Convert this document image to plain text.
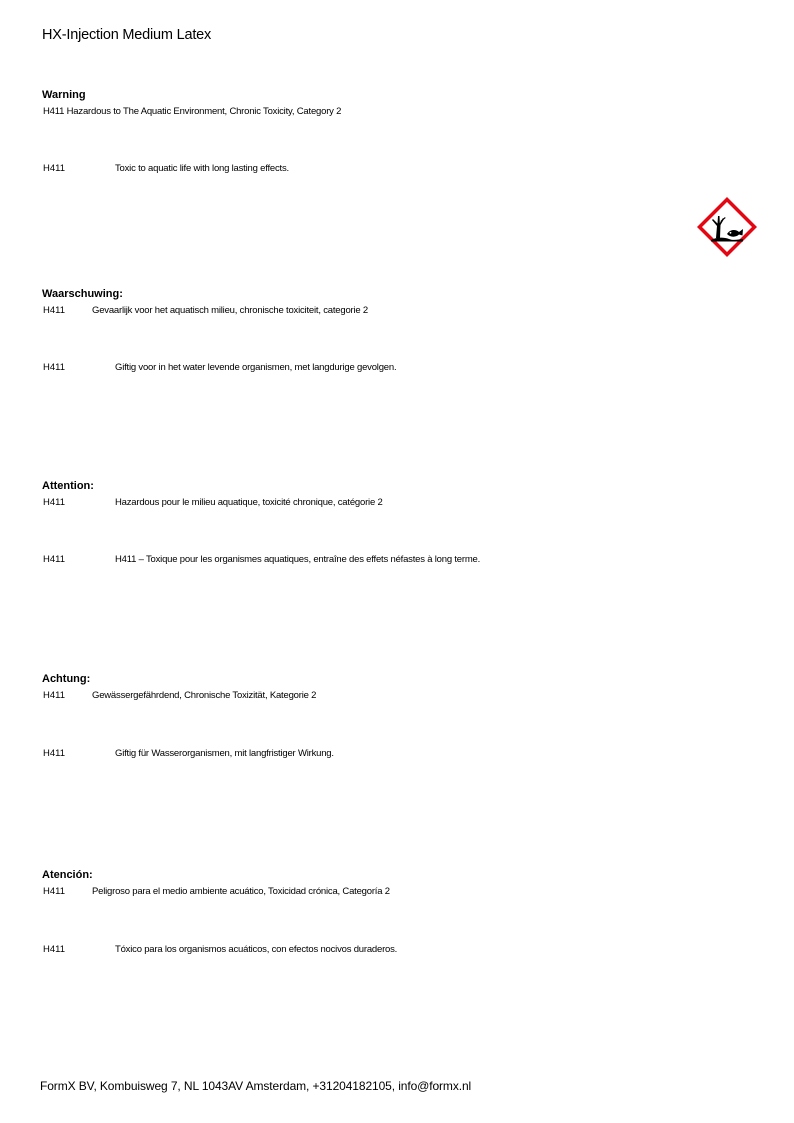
HX-Injection Medium Latex
Warning
H411 Hazardous to The Aquatic Environment, Chronic Toxicity, Category 2
H411	Toxic to aquatic life with long lasting effects.
Waarschuwing:
H411	Gevaarlijk voor het aquatisch milieu, chronische toxiciteit, categorie 2
H411	Giftig voor in het water levende organismen, met langdurige gevolgen.
Attention:
H411	Hazardous pour le milieu aquatique, toxicité chronique, catégorie 2
H411	H411 – Toxique pour les organismes aquatiques, entraîne des effets néfastes à long terme.
Achtung:
H411	Gewässergefährdend, Chronische Toxizität, Kategorie 2
H411	Giftig für Wasserorganismen, mit langfristiger Wirkung.
Atención:
H411	Peligroso para el medio ambiente acuático, Toxicidad crónica, Categoría 2
H411	Tóxico para los organismos acuáticos, con efectos nocivos duraderos.
FormX BV, Kombuisweg 7, NL 1043AV Amsterdam, +31204182105, info@formx.nl
